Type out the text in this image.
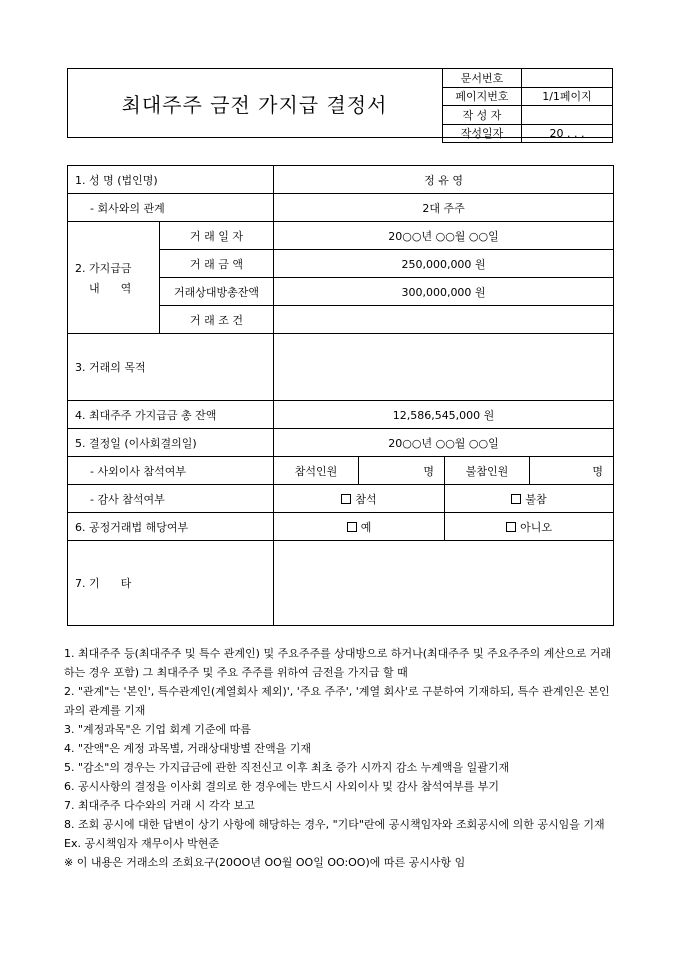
최대주주 금전 가지급 결정서
문서번호	
페이지번호	1/1페이지
작 성 자	
작성일자	20 . . .
1. 성 명 (법인명)		정 유 영			
- 회사와의 관계		2대 주주			

2. 가지급금
내      역	거 래 일 자	20○○년 ○○월 ○○일			
	거 래 금 액	250,000,000 원			
	거래상대방총잔액	300,000,000 원			
	거 래 조 건				
3. 거래의 목적					
4. 최대주주 가지급금 총 잔액		12,586,545,000 원			
5. 결정일 (이사회결의일)		20○○년 ○○월 ○○일			
- 사외이사 참석여부		참석인원	명	불참인원	명
- 감사 참석여부		참석		불참	
6. 공정거래법 해당여부		예		아니오	
7. 기      타					

1. 최대주주 등(최대주주 및 특수 관계인) 및 주요주주를 상대방으로 하거나(최대주주 및 주요주주의 계산으로 거래하는 경우 포함) 그 최대주주 및 주요 주주를 위하여 금전을 가지급 할 때

2. "관계"는 '본인', 특수관계인(계열회사 제외)', '주요 주주', '계열 회사'로 구분하여 기재하되, 특수 관계인은 본인과의 관계를 기재

3. "계정과목"은 기업 회계 기준에 따름

4. "잔액"은 계정 과목별, 거래상대방별 잔액을 기재

5. "감소"의 경우는 가지급금에 관한 직전신고 이후 최초 증가 시까지 감소 누계액을 일괄기재

6. 공시사항의 결정을 이사회 결의로 한 경우에는 반드시 사외이사 및 감사 참석여부를 부기

7. 최대주주 다수와의 거래 시 각각 보고

8. 조회 공시에 대한 답변이 상기 사항에 해당하는 경우, "기타"란에 공시책임자와 조회공시에 의한 공시임을 기재

Ex. 공시책임자 재무이사 박현준

※ 이 내용은 거래소의 조회요구(20OO년 OO월 OO일 OO:OO)에 따른 공시사항 임
